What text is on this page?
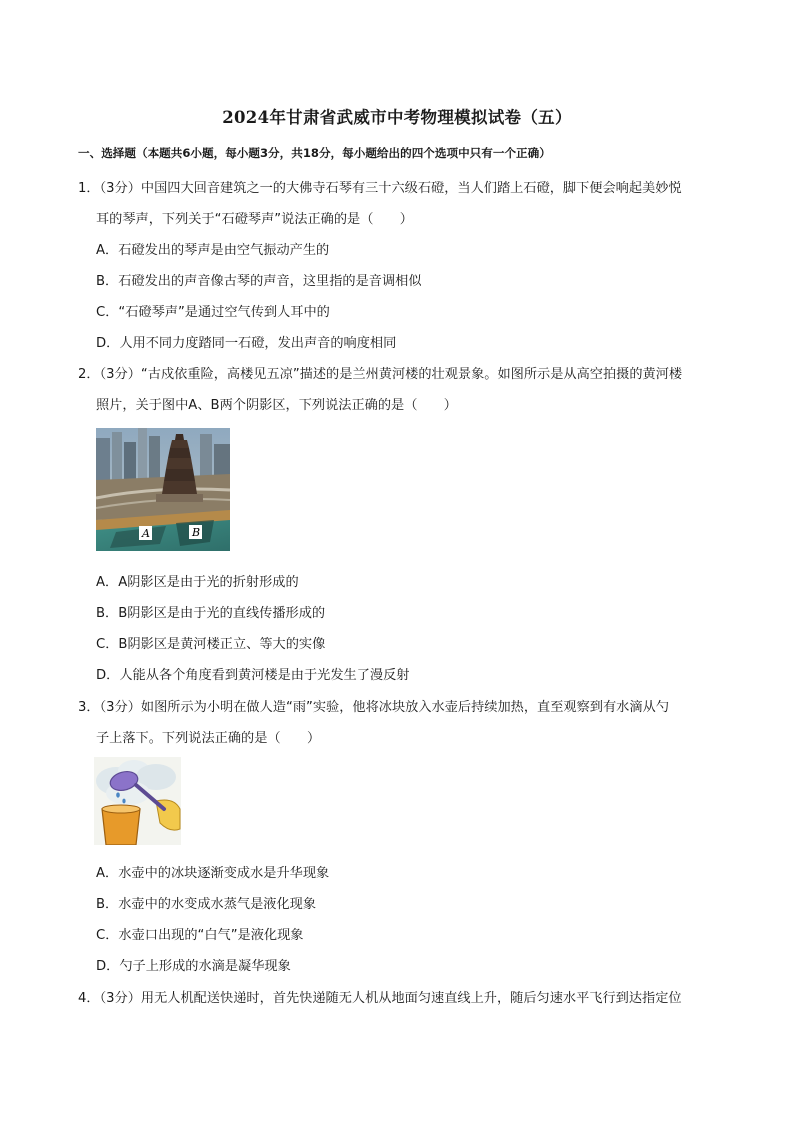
2024年甘肃省武威市中考物理模拟试卷（五）
一、选择题（本题共6小题，每小题3分，共18分，每小题给出的四个选项中只有一个正确）
1．（3分）中国四大回音建筑之一的大佛寺石琴有三十六级石磴，当人们踏上石磴，脚下便会响起美妙悦
耳的琴声，下列关于“石磴琴声”说法正确的是（　　）
A．石磴发出的琴声是由空气振动产生的
B．石磴发出的声音像古琴的声音，这里指的是音调相似
C．“石磴琴声”是通过空气传到人耳中的
D．人用不同力度踏同一石磴，发出声音的响度相同
2．（3分）“古戍依重险，高楼见五凉”描述的是兰州黄河楼的壮观景象。如图所示是从高空拍摄的黄河楼
照片，关于图中A、B两个阴影区，下列说法正确的是（　　）
A	B
A．A阴影区是由于光的折射形成的
B．B阴影区是由于光的直线传播形成的
C．B阴影区是黄河楼正立、等大的实像
D．人能从各个角度看到黄河楼是由于光发生了漫反射
3．（3分）如图所示为小明在做人造“雨”实验，他将冰块放入水壶后持续加热，直至观察到有水滴从勺
子上落下。下列说法正确的是（　　）
A．水壶中的冰块逐渐变成水是升华现象
B．水壶中的水变成水蒸气是液化现象
C．水壶口出现的“白气”是液化现象
D．勺子上形成的水滴是凝华现象
4．（3分）用无人机配送快递时，首先快递随无人机从地面匀速直线上升，随后匀速水平飞行到达指定位
